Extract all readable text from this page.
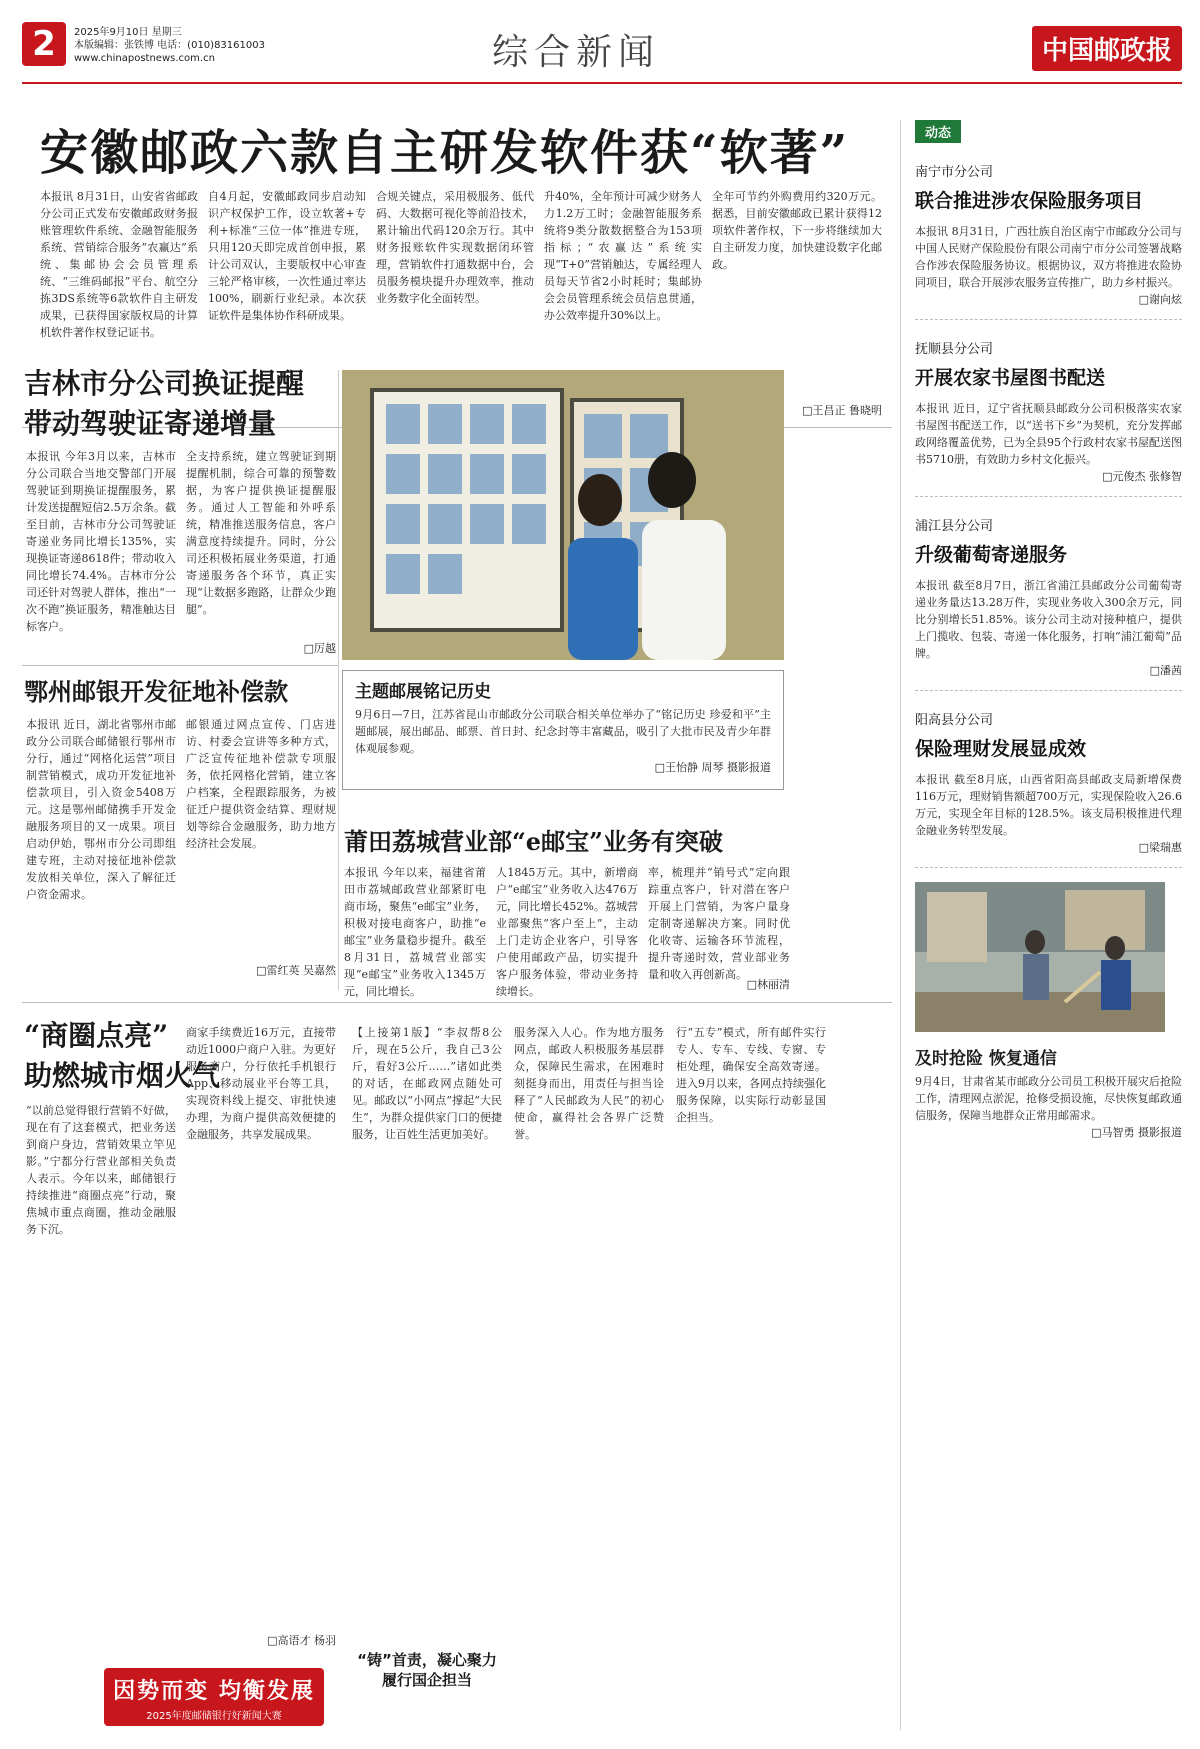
2	2025年9月10日 星期三
本版编辑：张铁博 电话：(010)83161003
www.chinapostnews.com.cn	综合新闻	中国邮政报
安徽邮政六款自主研发软件获“软著”
本报讯 8月31日，山安省省邮政分公司正式发布安徽邮政财务报账管理软件系统、金融智能服务系统、营销综合服务“农赢达”系统、集邮协会会员管理系统、“三维码邮报”平台、航空分拣3DS系统等6款软件自主研发成果，已获得国家版权局的计算机软件著作权登记证书。
自4月起，安徽邮政同步启动知识产权保护工作，设立软著+专利+标准“三位一体”推进专班，只用120天即完成首创申报，累计公司双认，主要版权中心审查三轮严格审核，一次性通过率达100%，刷新行业纪录。本次获证软件是集体协作科研成果。
合规关键点，采用极服务、低代码、大数据可视化等前沿技术，累计输出代码120余万行。其中财务报账软件实现数据闭环管理，营销软件打通数据中台，会员服务模块提升办理效率，推动业务数字化全面转型。
升40%，全年预计可减少财务人力1.2万工时；金融智能服务系统将9类分散数据整合为153项指标；“农赢达”系统实现“T+0”营销触达，专属经理人员每天节省2小时耗时；集邮协会会员管理系统会员信息贯通，办公效率提升30%以上。
全年可节约外购费用约320万元。据悉，目前安徽邮政已累计获得12项软件著作权，下一步将继续加大自主研发力度，加快建设数字化邮政。
□王昌正 鲁晓明
吉林市分公司换证提醒
带动驾驶证寄递增量
本报讯 今年3月以来，吉林市分公司联合当地交警部门开展驾驶证到期换证提醒服务，累计发送提醒短信2.5万余条。截至目前，吉林市分公司驾驶证寄递业务同比增长135%，实现换证寄递8618件；带动收入同比增长74.4%。吉林市分公司还针对驾驶人群体，推出“一次不跑”换证服务，精准触达目标客户。
全支持系统，建立驾驶证到期提醒机制，综合可靠的预警数据，为客户提供换证提醒服务。通过人工智能和外呼系统，精准推送服务信息，客户满意度持续提升。同时，分公司还积极拓展业务渠道，打通寄递服务各个环节，真正实现“让数据多跑路，让群众少跑腿”。
□厉越
主题邮展铭记历史
9月6日—7日，江苏省昆山市邮政分公司联合相关单位举办了“铭记历史 珍爱和平”主题邮展，展出邮品、邮票、首日封、纪念封等丰富藏品，吸引了大批市民及青少年群体观展参观。
□王怡静 周琴 摄影报道
鄂州邮银开发征地补偿款
本报讯 近日，湖北省鄂州市邮政分公司联合邮储银行鄂州市分行，通过“网格化运营”项目制营销模式，成功开发征地补偿款项目，引入资金5408万元。这是鄂州邮储携手开发金融服务项目的又一成果。项目启动伊始，鄂州市分公司即组建专班，主动对接征地补偿款发放相关单位，深入了解征迁户资金需求。
邮银通过网点宣传、门店进访、村委会宣讲等多种方式，广泛宣传征地补偿款专项服务，依托网格化营销，建立客户档案，全程跟踪服务，为被征迁户提供资金结算、理财规划等综合金融服务，助力地方经济社会发展。
□雷红英 吴嘉然
莆田荔城营业部“e邮宝”业务有突破
本报讯 今年以来，福建省莆田市荔城邮政营业部紧盯电商市场，聚焦“e邮宝”业务，积极对接电商客户，助推“e邮宝”业务量稳步提升。截至8月31日，荔城营业部实现“e邮宝”业务收入1345万元，同比增长。
人1845万元。其中，新增商户“e邮宝”业务收入达476万元，同比增长452%。荔城营业部聚焦“客户至上”，主动上门走访企业客户，引导客户使用邮政产品，切实提升客户服务体验，带动业务持续增长。
率，梳理并“销号式”定向跟踪重点客户，针对潜在客户开展上门营销，为客户量身定制寄递解决方案。同时优化收寄、运输各环节流程，提升寄递时效，营业部业务量和收入再创新高。
□林丽清
“商圈点亮”
助燃城市烟火气
“以前总觉得银行营销不好做，现在有了这套模式，把业务送到商户身边，营销效果立竿见影。”宁都分行营业部相关负责人表示。今年以来，邮储银行持续推进“商圈点亮”行动，聚焦城市重点商圈，推动金融服务下沉。
商家手续费近16万元，直接带动近1000户商户入驻。为更好服务商户，分行依托手机银行App、移动展业平台等工具，实现资料线上提交、审批快速办理，为商户提供高效便捷的金融服务，共享发展成果。
□高语才 杨羽
【上接第1版】“李叔帮8公斤，现在5公斤，我自己3公斤，看好3公斤……”诸如此类的对话，在邮政网点随处可见。邮政以“小网点”撑起“大民生”，为群众提供家门口的便捷服务，让百姓生活更加美好。
“铸”首责，凝心聚力
履行国企担当
服务深入人心。作为地方服务网点，邮政人积极服务基层群众，保障民生需求，在困难时刻挺身而出，用责任与担当诠释了“人民邮政为人民”的初心使命，赢得社会各界广泛赞誉。
行“五专”模式，所有邮件实行专人、专车、专线、专窗、专柜处理，确保安全高效寄递。进入9月以来，各网点持续强化服务保障，以实际行动彰显国企担当。
因势而变 均衡发展
2025年度邮储银行好新闻大赛
动态
南宁市分公司
联合推进涉农保险服务项目
本报讯 8月31日，广西壮族自治区南宁市邮政分公司与中国人民财产保险股份有限公司南宁市分公司签署战略合作涉农保险服务协议。根据协议，双方将推进农险协同项目，联合开展涉农服务宣传推广，助力乡村振兴。
□谢向炫
抚顺县分公司
开展农家书屋图书配送
本报讯 近日，辽宁省抚顺县邮政分公司积极落实农家书屋图书配送工作，以“送书下乡”为契机，充分发挥邮政网络覆盖优势，已为全县95个行政村农家书屋配送图书5710册，有效助力乡村文化振兴。
□元俊杰 张修智
浦江县分公司
升级葡萄寄递服务
本报讯 截至8月7日，浙江省浦江县邮政分公司葡萄寄递业务量达13.28万件，实现业务收入300余万元，同比分别增长51.85%。该分公司主动对接种植户，提供上门揽收、包装、寄递一体化服务，打响“浦江葡萄”品牌。
□潘茜
阳高县分公司
保险理财发展显成效
本报讯 截至8月底，山西省阳高县邮政支局新增保费116万元，理财销售额超700万元，实现保险收入26.6万元，实现全年目标的128.5%。该支局积极推进代理金融业务转型发展。
□梁瑞惠
及时抢险 恢复通信
9月4日，甘肃省某市邮政分公司员工积极开展灾后抢险工作，清理网点淤泥，抢修受损设施，尽快恢复邮政通信服务，保障当地群众正常用邮需求。
□马智勇 摄影报道
